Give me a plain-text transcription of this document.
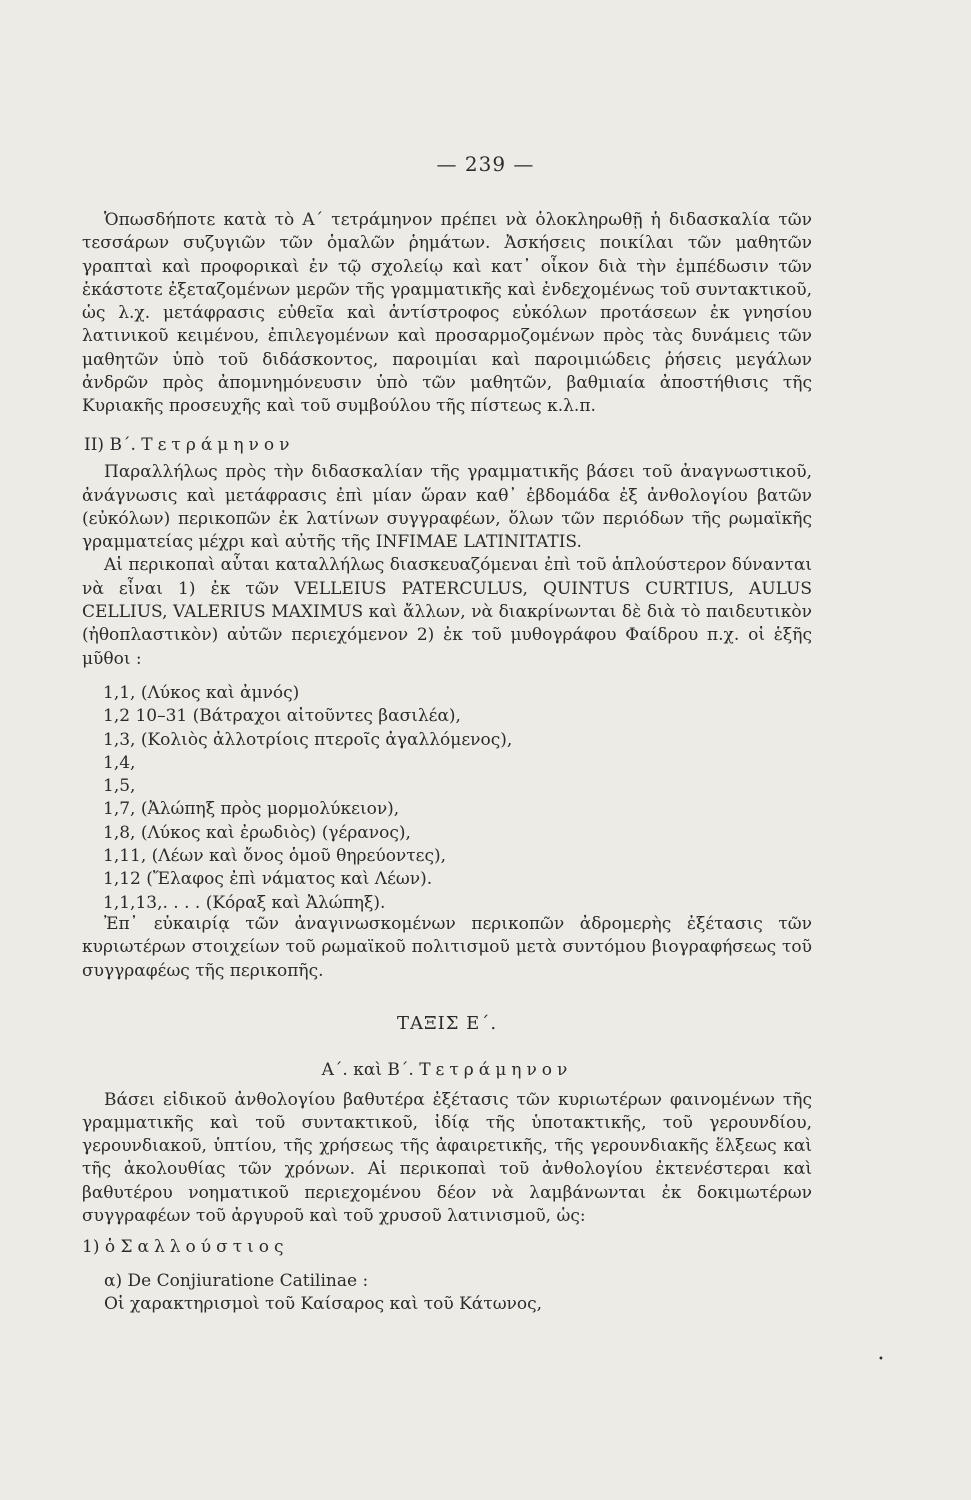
— 239 —

Ὁπωσδήποτε κατὰ τὸ Α΄ τετράμηνον πρέπει νὰ ὁλοκληρωθῇ ἡ διδασκαλία τῶν τεσσάρων συζυγιῶν τῶν ὁμαλῶν ῥημάτων. Ἀσκήσεις ποικίλαι τῶν μαθητῶν γραπταὶ καὶ προφορικαὶ ἐν τῷ σχολείῳ καὶ κατ᾿ οἶκον διὰ τὴν ἐμπέδωσιν τῶν ἑκάστοτε ἐξεταζομένων μερῶν τῆς γραμματικῆς καὶ ἐνδεχομένως τοῦ συντακτικοῦ, ὡς λ.χ. μετάφρασις εὐθεῖα καὶ ἀντίστροφος εὐκόλων προτάσεων ἐκ γνησίου λατινικοῦ κειμένου, ἐπιλεγομένων καὶ προσαρμοζομένων πρὸς τὰς δυνάμεις τῶν μαθητῶν ὑπὸ τοῦ διδάσκοντος, παροιμίαι καὶ παροιμιώδεις ῥήσεις μεγάλων ἀνδρῶν πρὸς ἀπομνημόνευσιν ὑπὸ τῶν μαθητῶν, βαθμιαία ἀποστήθισις τῆς Κυριακῆς προσευχῆς καὶ τοῦ συμβούλου τῆς πίστεως κ.λ.π.

ΙΙ) Β΄. Τετράμηνον

Παραλλήλως πρὸς τὴν διδασκαλίαν τῆς γραμματικῆς βάσει τοῦ ἀναγνωστικοῦ, ἀνάγνωσις καὶ μετάφρασις ἐπὶ μίαν ὥραν καθ᾿ ἑβδομάδα ἐξ ἀνθολογίου βατῶν (εὐκόλων) περικοπῶν ἐκ λατίνων συγγραφέων, ὅλων τῶν περιόδων τῆς ρωμαϊκῆς γραμματείας μέχρι καὶ αὐτῆς τῆς INFIMAE LATINITATIS.

Αἱ περικοπαὶ αὗται καταλλήλως διασκευαζόμεναι ἐπὶ τοῦ ἁπλούστερον δύνανται νὰ εἶναι 1) ἐκ τῶν VELLEIUS PATERCULUS, QUINTUS CURTIUS, AULUS CELLIUS, VALERIUS MAXIMUS καὶ ἄλλων, νὰ διακρίνωνται δὲ διὰ τὸ παιδευτικὸν (ἠθοπλαστικὸν) αὐτῶν περιεχόμενον 2) ἐκ τοῦ μυθογράφου Φαίδρου π.χ. οἱ ἑξῆς μῦθοι :

1,1, (Λύκος καὶ ἀμνός)
1,2 10–31 (Βάτραχοι αἰτοῦντες βασιλέα),
1,3, (Κολιὸς ἀλλοτρίοις πτεροῖς ἀγαλλόμενος),
1,4,
1,5,
1,7, (Ἀλώπηξ πρὸς μορμολύκειον),
1,8, (Λύκος καὶ ἐρωδιὸς) (γέρανος),
1,11, (Λέων καὶ ὄνος ὁμοῦ θηρεύοντες),
1,12 (Ἔλαφος ἐπὶ νάματος καὶ Λέων).
1,1,13,. . . . (Κόραξ καὶ Ἀλώπηξ).

Ἐπ᾿ εὐκαιρίᾳ τῶν ἀναγινωσκομένων περικοπῶν ἀδρομερὴς ἐξέτασις τῶν κυριωτέρων στοιχείων τοῦ ρωμαϊκοῦ πολιτισμοῦ μετὰ συντόμου βιογραφήσεως τοῦ συγγραφέως τῆς περικοπῆς.

ΤΑΞΙΣ Ε΄.

Α΄. καὶ Β΄. Τετράμηνον

Βάσει εἰδικοῦ ἀνθολογίου βαθυτέρα ἐξέτασις τῶν κυριωτέρων φαινομένων τῆς γραμματικῆς καὶ τοῦ συντακτικοῦ, ἰδίᾳ τῆς ὑποτακτικῆς, τοῦ γερουνδίου, γερουνδιακοῦ, ὑπτίου, τῆς χρήσεως τῆς ἀφαιρετικῆς, τῆς γερουνδιακῆς ἕλξεως καὶ τῆς ἀκολουθίας τῶν χρόνων. Αἱ περικοπαὶ τοῦ ἀνθολογίου ἐκτενέστεραι καὶ βαθυτέρου νοηματικοῦ περιεχομένου δέον νὰ λαμβάνωνται ἐκ δοκιμωτέρων συγγραφέων τοῦ ἀργυροῦ καὶ τοῦ χρυσοῦ λατινισμοῦ, ὡς:

1) ὁ Σαλλούστιος

α) De Conjiuratione Catilinae :

Οἱ χαρακτηρισμοὶ τοῦ Καίσαρος καὶ τοῦ Κάτωνος,

•
